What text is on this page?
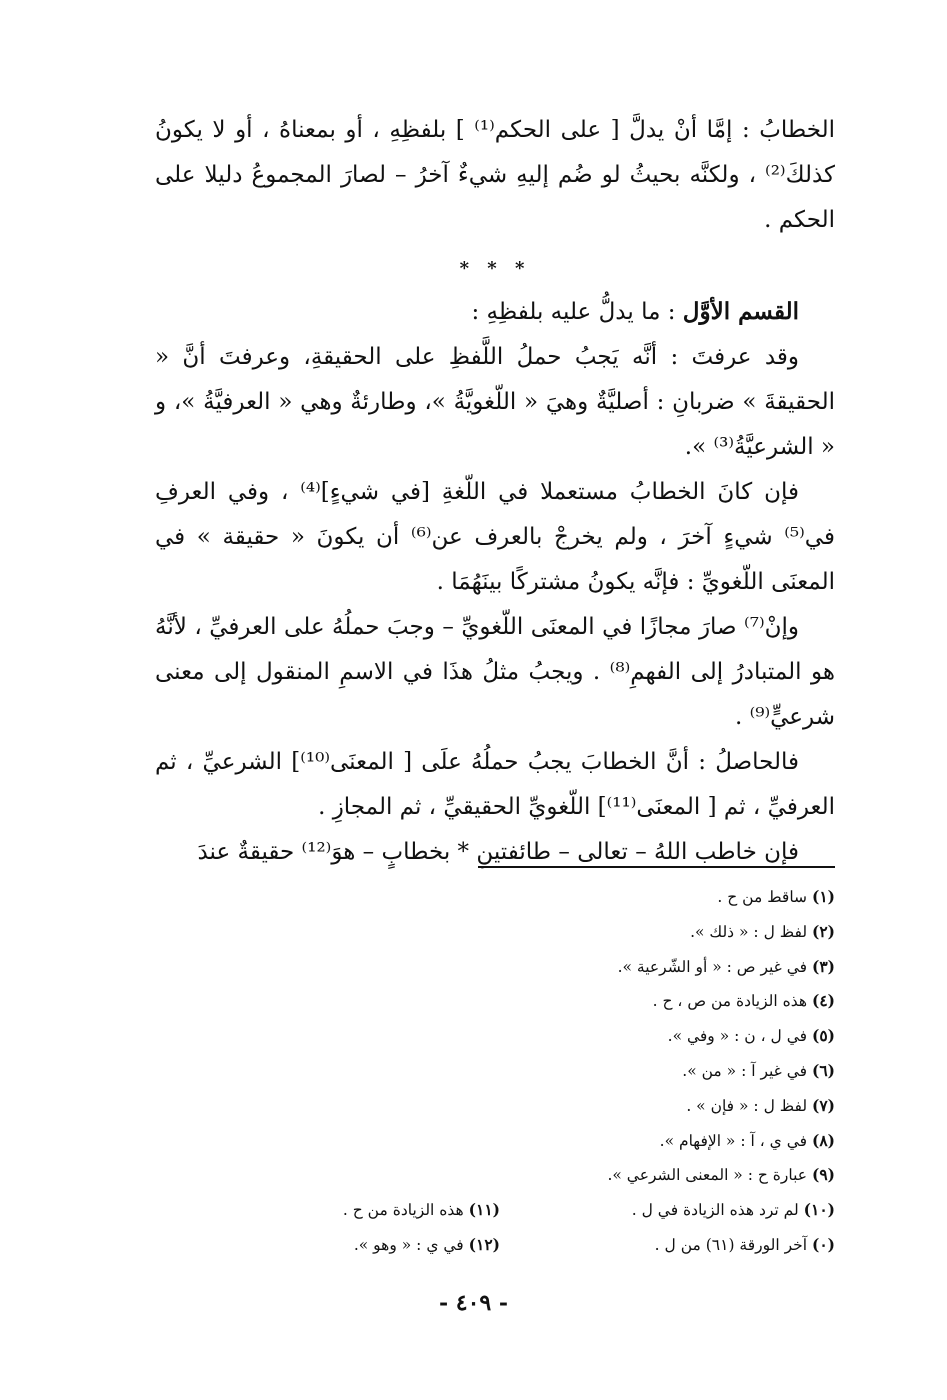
الخطابُ : إمَّا أنْ يدلَّ [ على الحكم⁽¹⁾ ] بلفظِهِ ، أو بمعناهُ ، أو لا يكونُ كذلكَ⁽²⁾ ، ولكنَّه بحيثُ لو ضُم إليهِ شيءٌ آخرُ – لصارَ المجموعُ دليلا على الحكم .

* * *

القسم الأوَّل : ما يدلُّ عليه بلفظِهِ :

وقد عرفتَ : أنَّه يَجبُ حملُ اللَّفظِ على الحقيقةِ، وعرفتَ أنَّ « الحقيقةَ » ضربانِ : أصليَّةٌ وهيَ « اللّغويَّةُ »، وطارئةٌ وهي « العرفيَّةُ »، و « الشرعيَّةُ⁽³⁾ ».

فإن كانَ الخطابُ مستعملا في اللّغةِ [في شيءٍ]⁽⁴⁾ ، وفي العرفِ في⁽⁵⁾ شيءٍ آخرَ ، ولم يخرجْ بالعرف عن⁽⁶⁾ أن يكونَ « حقيقة » في المعنَى اللّغويِّ : فإنَّه يكونُ مشتركًا بينَهُمَا .

وإنْ⁽⁷⁾ صارَ مجازًا في المعنَى اللّغويِّ – وجبَ حملُهُ على العرفيِّ ، لأنَّهُ هو المتبادرُ إلى الفهمِ⁽⁸⁾ . ويجبُ مثلُ هذَا في الاسمِ المنقول إلى معنى شرعيٍّ⁽⁹⁾ .

فالحاصلُ : أنَّ الخطابَ يجبُ حملُهُ علَى [ المعنَى⁽¹⁰⁾] الشرعيِّ ، ثم العرفيِّ ، ثم [ المعنَى⁽¹¹⁾] اللّغويِّ الحقيقيِّ ، ثم المجازِ .

فإن خاطب اللهُ – تعالى – طائفتينِ * بخطابٍ – هوَ⁽¹²⁾ حقيقةٌ عندَ

(١) ساقط من ح .

(٢) لفظ ل : « ذلك ».

(٣) في غير ص : « أو الشّرعية ».

(٤) هذه الزيادة من ص ، ح .

(٥) في ل ، ن : « وفي ».

(٦) في غير آ : « من ».

(٧) لفظ ل : « فإن » .

(٨) في ي ، آ : « الإفهام ».

(٩) عبارة ح : « المعنى الشرعي ».

(١٠) لم ترد هذه الزيادة في ل .
(١١) هذه الزيادة من ح .
(٠) آخر الورقة (٦١) من ل .
(١٢) في ي : « وهو ».
- ٤٠٩ -
